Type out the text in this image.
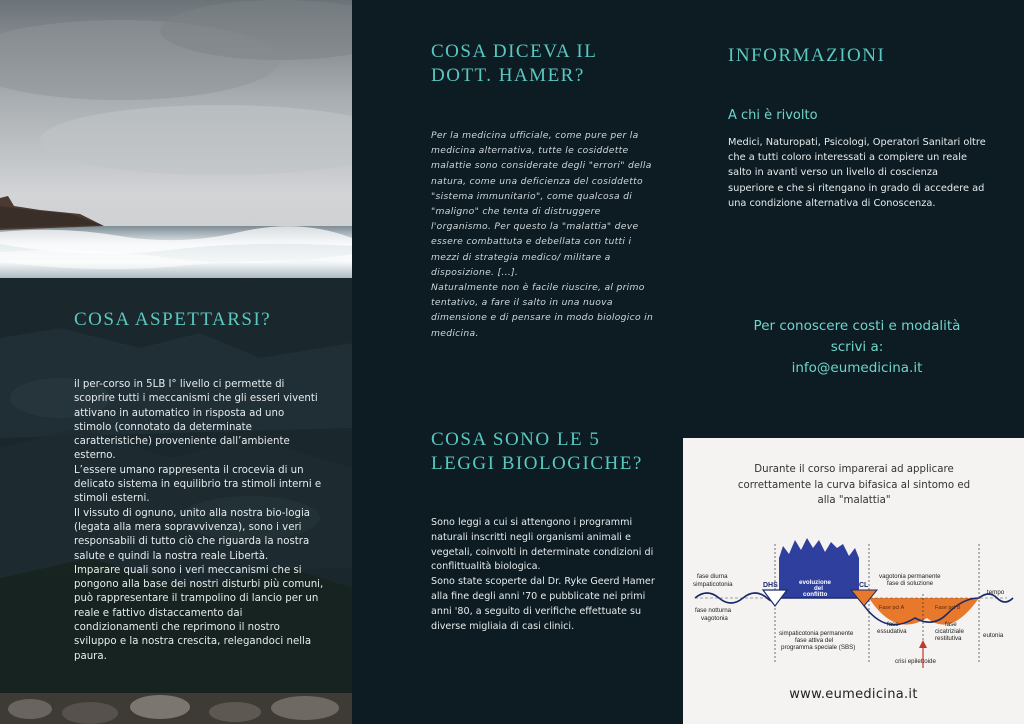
COSA ASPETTARSI?

il per-corso in 5LB I° livello ci permette di scoprire tutti i meccanismi che gli esseri viventi attivano in automatico in risposta ad uno stimolo (connotato da determinate caratteristiche) proveniente dall’ambiente esterno.

L’essere umano rappresenta il crocevia di un delicato sistema in equilibrio tra stimoli interni e stimoli esterni.

Il vissuto di ognuno, unito alla nostra bio-logia (legata alla mera sopravvivenza), sono i veri responsabili di tutto ciò che riguarda la nostra salute e quindi la nostra reale Libertà.

Imparare quali sono i veri meccanismi che si pongono alla base dei nostri disturbi più comuni, può rappresentare il trampolino di lancio per un reale e fattivo distaccamento dai condizionamenti che reprimono il nostro sviluppo e la nostra crescita, relegandoci nella paura.

COSA DICEVA IL DOTT. HAMER?

Per la medicina ufficiale, come pure per la medicina alternativa, tutte le cosiddette malattie sono considerate degli "errori" della natura, come una deficienza del cosiddetto "sistema immunitario", come qualcosa di "maligno" che tenta di distruggere l'organismo. Per questo la "malattia" deve essere combattuta e debellata con tutti i mezzi di strategia medico/ militare a disposizione. [...].

Naturalmente non è facile riuscire, al primo tentativo, a fare il salto in una nuova dimensione e di pensare in modo biologico in medicina.

COSA SONO LE 5 LEGGI BIOLOGICHE?

Sono leggi a cui si attengono i programmi naturali inscritti negli organismi animali e vegetali, coinvolti in determinate condizioni di conflittualità biologica.

Sono state scoperte dal Dr. Ryke Geerd Hamer alla fine degli anni '70 e pubblicate nei primi anni '80, a seguito di verifiche effettuate su diverse migliaia di casi clinici.

INFORMAZIONI
A chi è rivolto

Medici, Naturopati, Psicologi, Operatori Sanitari oltre che a tutti coloro interessati a compiere un reale salto in avanti verso un livello di coscienza superiore e che si ritengano in grado di accedere ad una condizione alternativa di Conoscenza.

Per conoscere costi e modalità
scrivi a:
info@eumedicina.it
Durante il corso imparerai ad applicare
correttamente la curva bifasica al sintomo ed
alla "malattia"
fase diurna
simpaticotonia
fase notturna
vagotonia
DHS	evoluzione
del
conflitto
CL
vagotonia permanente
fase di soluzione
tempo
Fase pcl A	Fase pcl B
fase
essudativa
fase
cicatriziale
restitutiva	eutonia
simpaticotonia permanente
fase attiva del
programma speciale (SBS)
crisi epilettoide
www.eumedicina.it
